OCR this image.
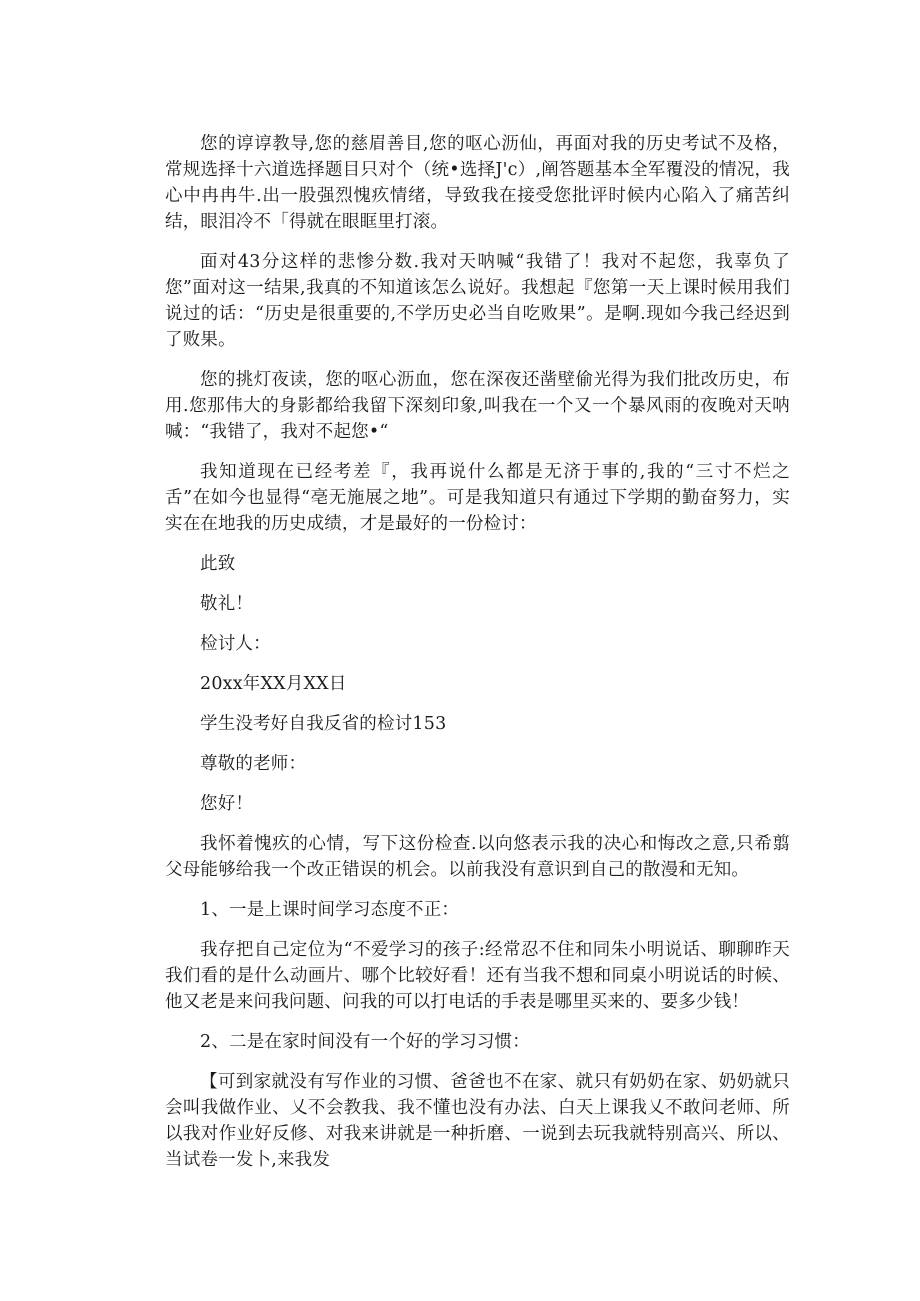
您的谆谆教导,您的慈眉善目,您的呕心沥仙，再面对我的历史考试不及格，常规选择十六道选择题目只对个（统•选择J'c）,阐答题基本全军覆没的情况，我心中冉冉牛.出一股强烈愧疚情绪，导致我在接受您批评时候内心陷入了痛苦纠结，眼泪冷不「得就在眼眶里打滚。

面对43分这样的悲惨分数.我对天呐喊“我错了！我对不起您，我辜负了您”面对这一结果,我真的不知道该怎么说好。我想起『您第一天上课时候用我们说过的话：“历史是很重要的,不学历史必当自吃败果”。是啊.现如今我己经迟到了败果。

您的挑灯夜读，您的呕心沥血，您在深夜还凿壁偷光得为我们批改历史，布用.您那伟大的身影都给我留下深刻印象,叫我在一个又一个暴风雨的夜晚对天呐喊：“我错了，我对不起您•“

我知道现在已经考差『，我再说什么都是无济于事的,我的“三寸不烂之舌”在如今也显得“亳无施展之地”。可是我知道只有通过下学期的勤奋努力，实实在在地我的历史成绩，才是最好的一份检讨：

此致

敬礼！

检讨人：

20xx年XX月XX日

学生没考好自我反省的检讨153

尊敬的老师：

您好！

我怀着愧疚的心情，写下这份检查.以向悠表示我的决心和悔改之意,只希翦父母能够给我一个改正错误的机会。以前我没有意识到自己的散漫和无知。

1、一是上课时间学习态度不正：

我存把自己定位为“不爱学习的孩子:经常忍不住和同朱小明说话、聊聊昨天我们看的是什么动画片、哪个比较好看！还有当我不想和同桌小明说话的时候、他又老是来问我问题、问我的可以打电话的手表是哪里买来的、要多少钱！

2、二是在家时间没有一个好的学习习惯：

【可到家就没有写作业的习惯、爸爸也不在家、就只有奶奶在家、奶奶就只会叫我做作业、乂不会教我、我不懂也没有办法、白天上课我乂不敢问老师、所以我对作业好反修、对我来讲就是一种折磨、一说到去玩我就特别高兴、所以、当试卷一发卜,来我发
